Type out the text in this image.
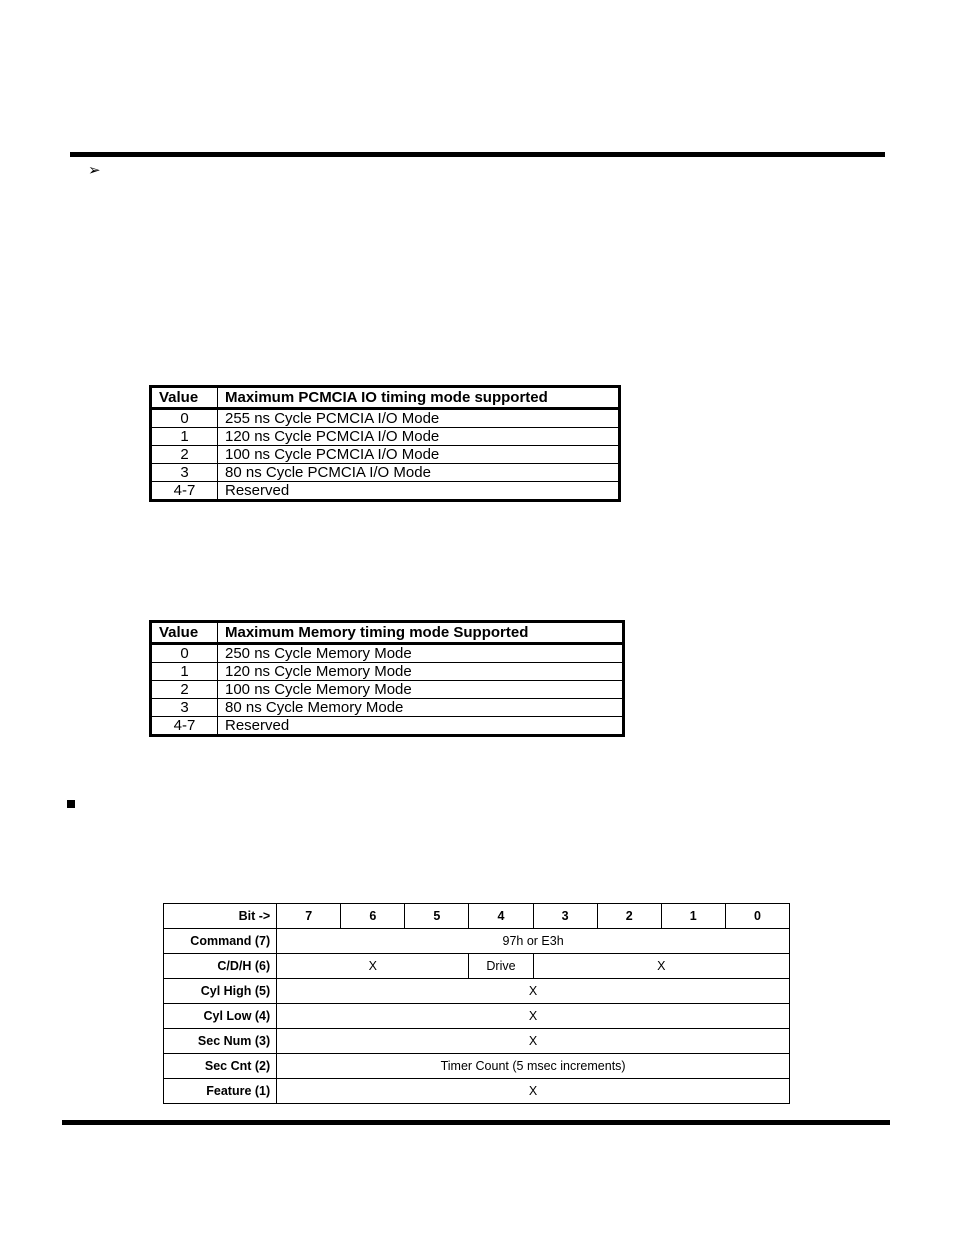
➢
Value	Maximum PCMCIA IO timing mode supported
0	255 ns Cycle PCMCIA I/O Mode
1	120 ns Cycle PCMCIA I/O Mode
2	100 ns Cycle PCMCIA I/O Mode
3	80 ns Cycle PCMCIA I/O Mode
4-7	Reserved
Value	Maximum Memory timing mode Supported
0	250 ns Cycle Memory Mode
1	120 ns Cycle Memory Mode
2	100 ns Cycle Memory Mode
3	80 ns Cycle Memory Mode
4-7	Reserved
Bit ->	7	6	5	4	3	2	1	0
Command (7)	97h or E3h							
C/D/H (6)	X			Drive	X			
Cyl High (5)	X							
Cyl Low (4)	X							
Sec Num (3)	X							
Sec Cnt (2)	Timer Count (5 msec increments)							
Feature (1)	X							
